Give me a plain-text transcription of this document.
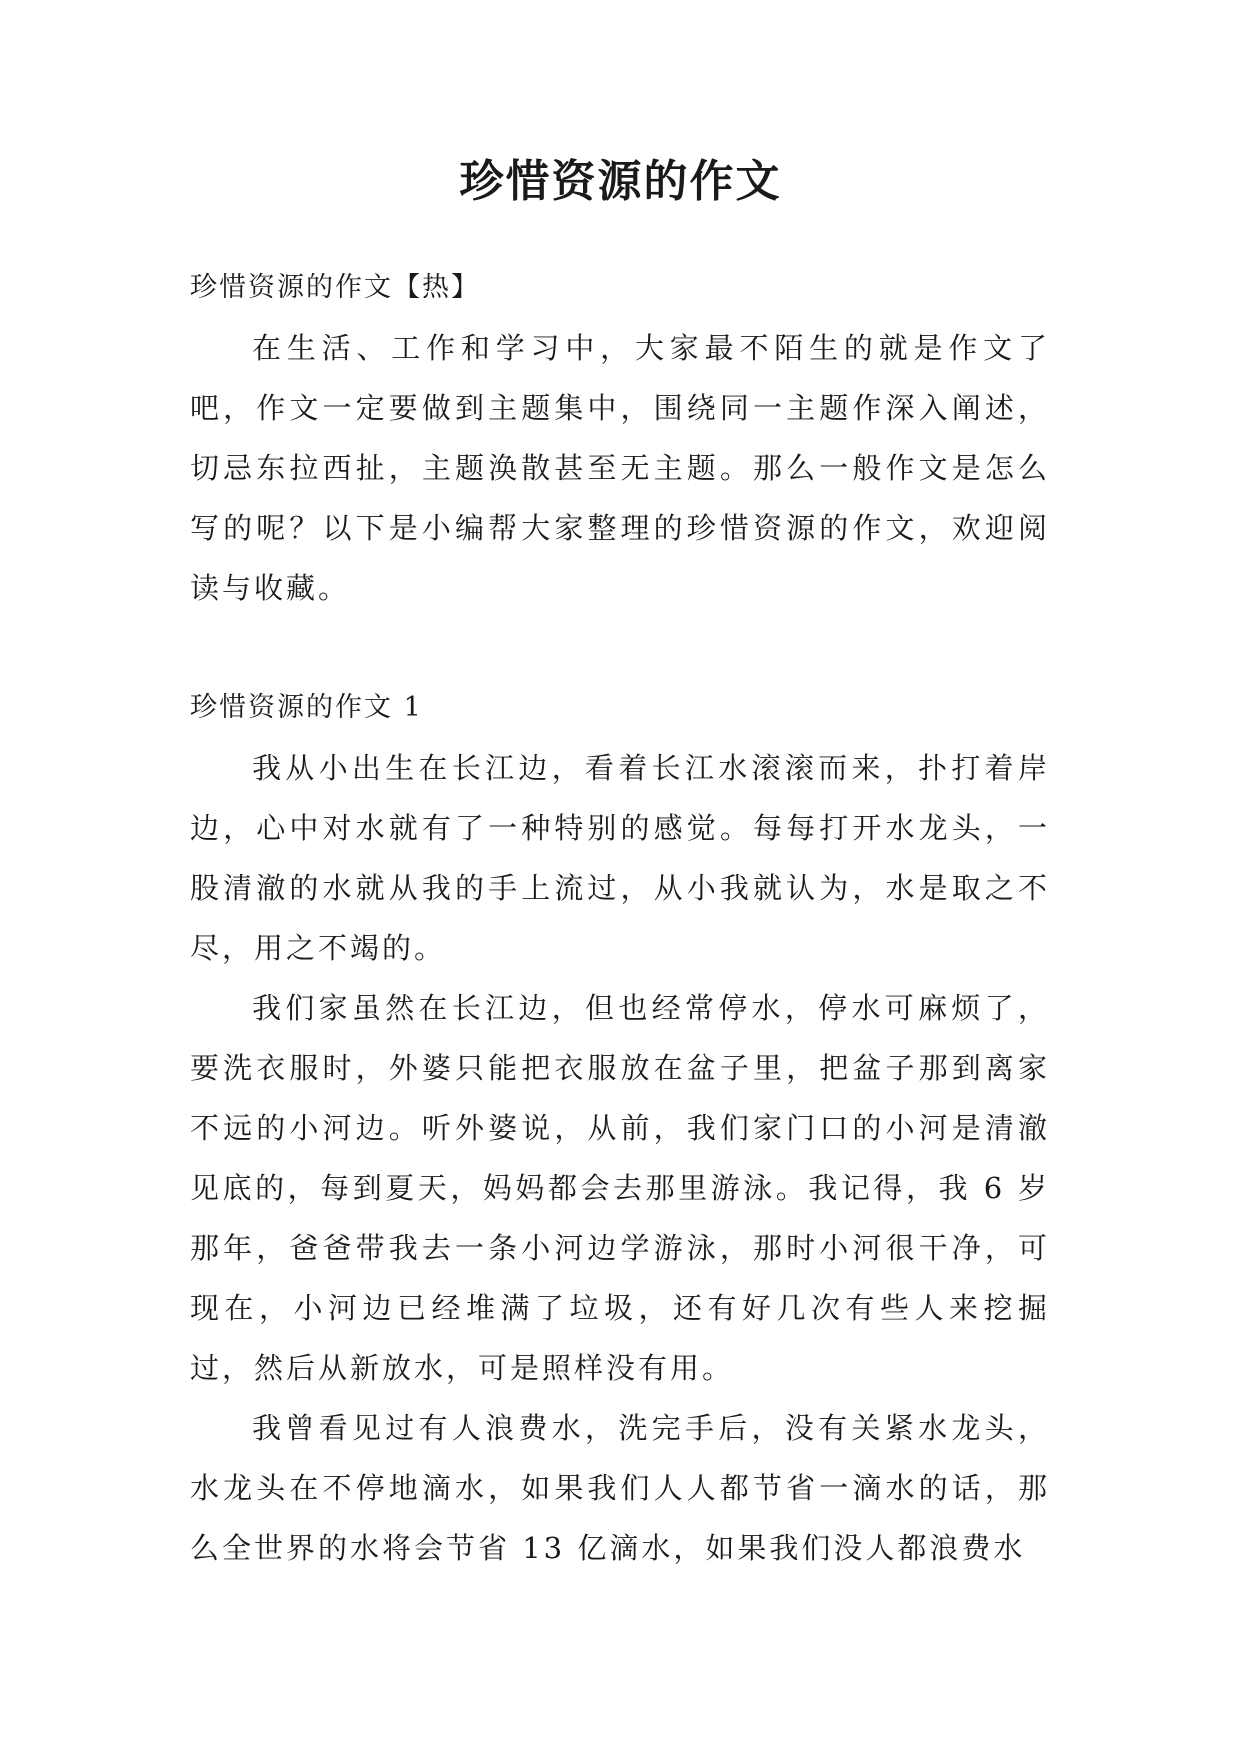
珍惜资源的作文

珍惜资源的作文【热】

在生活、工作和学习中，大家最不陌生的就是作文了吧，作文一定要做到主题集中，围绕同一主题作深入阐述，切忌东拉西扯，主题涣散甚至无主题。那么一般作文是怎么写的呢？以下是小编帮大家整理的珍惜资源的作文，欢迎阅读与收藏。

珍惜资源的作文 1

我从小出生在长江边，看着长江水滚滚而来，扑打着岸边，心中对水就有了一种特别的感觉。每每打开水龙头，一股清澈的水就从我的手上流过，从小我就认为，水是取之不尽，用之不竭的。

我们家虽然在长江边，但也经常停水，停水可麻烦了，要洗衣服时，外婆只能把衣服放在盆子里，把盆子那到离家不远的小河边。听外婆说，从前，我们家门口的小河是清澈见底的，每到夏天，妈妈都会去那里游泳。我记得，我 6 岁那年，爸爸带我去一条小河边学游泳，那时小河很干净，可现在，小河边已经堆满了垃圾，还有好几次有些人来挖掘过，然后从新放水，可是照样没有用。

我曾看见过有人浪费水，洗完手后，没有关紧水龙头，水龙头在不停地滴水，如果我们人人都节省一滴水的话，那么全世界的水将会节省 13 亿滴水，如果我们没人都浪费水
